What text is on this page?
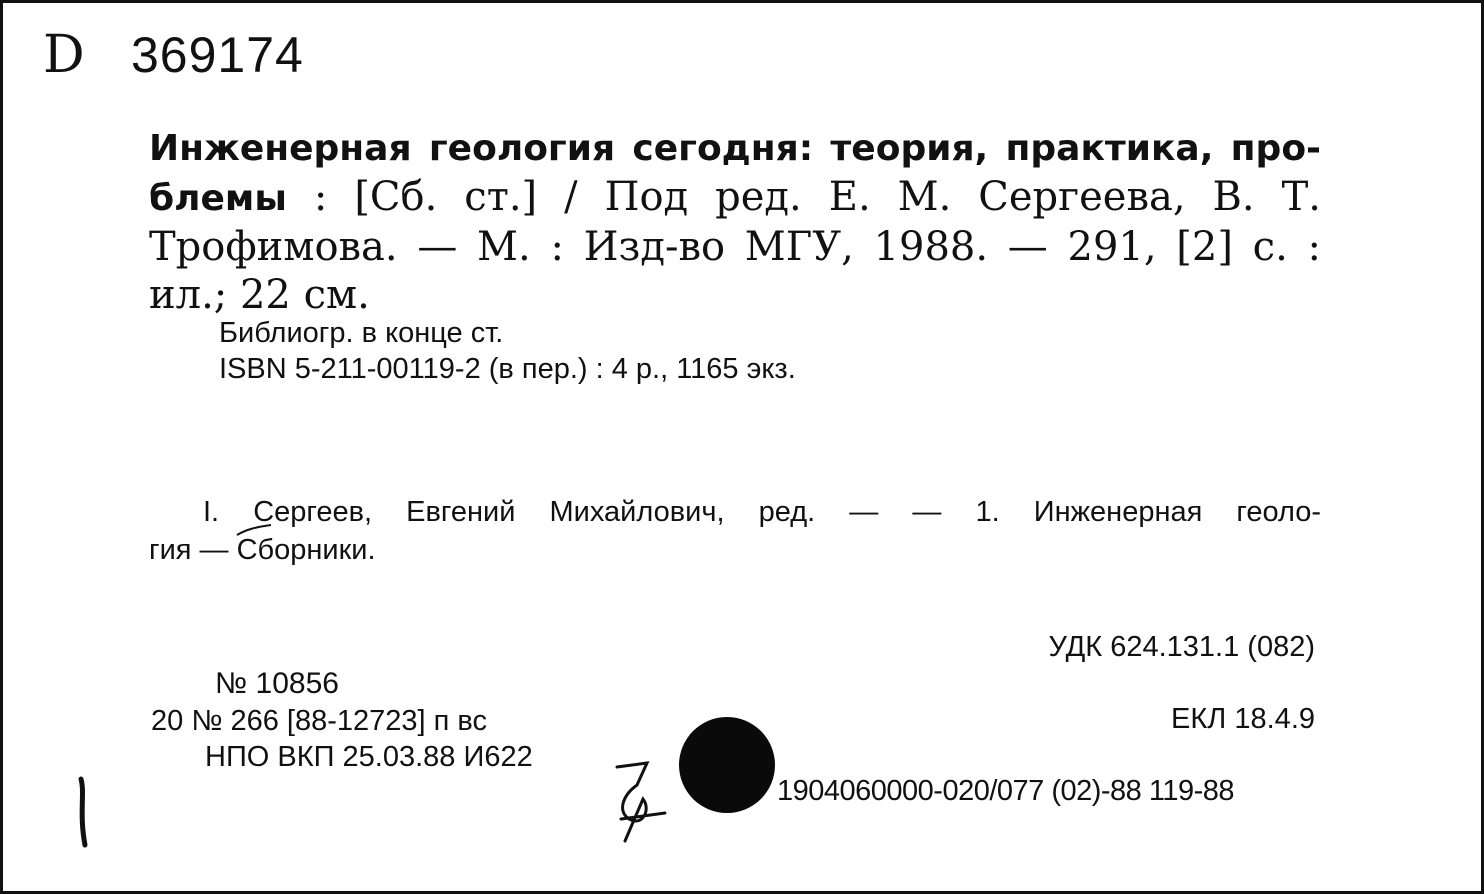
D 369174
Инженерная геология сегодня: теория, практика, про-
блемы : [Сб. ст.] / Под ред. Е. М. Сергеева, В. Т.
Трофимова. — М. : Изд-во МГУ, 1988. — 291, [2] с. :
ил.; 22 см.
Библиогр. в конце ст.
ISBN 5-211-00119-2 (в пер.) : 4 р., 1165 экз.
I. Сергеев, Евгений Михайлович, ред. — — 1. Инженерная геоло-
гия — Сборники.
УДК 624.131.1 (082)
№ 10856
20 № 266 [88-12723] п вс	ЕКЛ 18.4.9
НПО ВКП 25.03.88 И622
1904060000-020/077 (02)-88 119-88
